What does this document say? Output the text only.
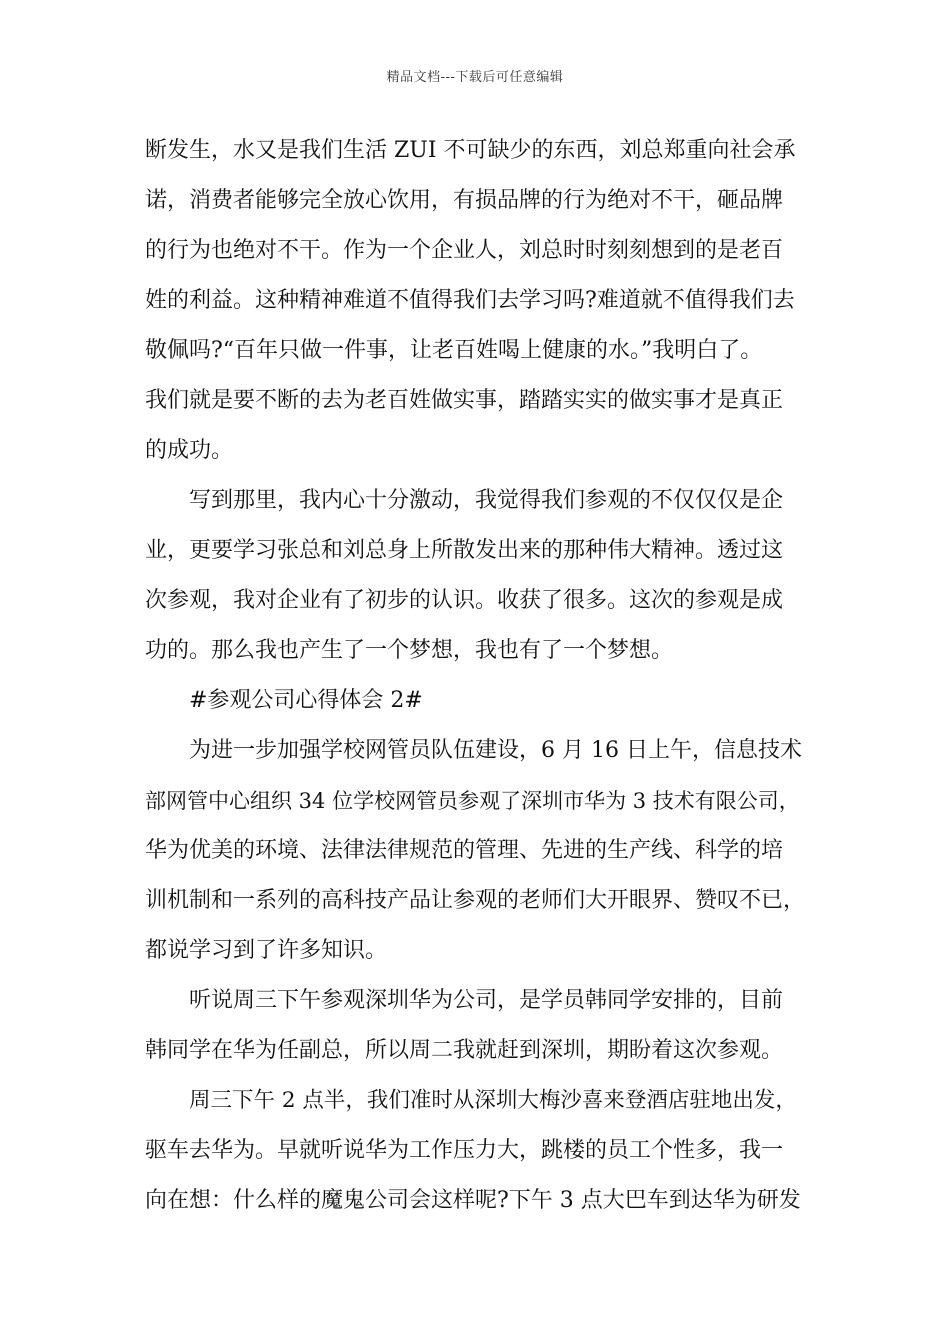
精品文档---下载后可任意编辑

断发生，水又是我们生活 ZUI 不可缺少的东西，刘总郑重向社会承

诺，消费者能够完全放心饮用，有损品牌的行为绝对不干，砸品牌

的行为也绝对不干。作为一个企业人，刘总时时刻刻想到的是老百

姓的利益。这种精神难道不值得我们去学习吗?难道就不值得我们去

敬佩吗?“百年只做一件事，让老百姓喝上健康的水。”我明白了。

我们就是要不断的去为老百姓做实事，踏踏实实的做实事才是真正

的成功。

写到那里，我内心十分激动，我觉得我们参观的不仅仅仅是企

业，更要学习张总和刘总身上所散发出来的那种伟大精神。透过这

次参观，我对企业有了初步的认识。收获了很多。这次的参观是成

功的。那么我也产生了一个梦想，我也有了一个梦想。

#参观公司心得体会 2#

为进一步加强学校网管员队伍建设，6 月 16 日上午，信息技术

部网管中心组织 34 位学校网管员参观了深圳市华为 3 技术有限公司，

华为优美的环境、法律法律规范的管理、先进的生产线、科学的培

训机制和一系列的高科技产品让参观的老师们大开眼界、赞叹不已，

都说学习到了许多知识。

听说周三下午参观深圳华为公司，是学员韩同学安排的，目前

韩同学在华为任副总，所以周二我就赶到深圳，期盼着这次参观。

周三下午 2 点半，我们准时从深圳大梅沙喜来登酒店驻地出发，

驱车去华为。早就听说华为工作压力大，跳楼的员工个性多，我一

向在想：什么样的魔鬼公司会这样呢?下午 3 点大巴车到达华为研发
